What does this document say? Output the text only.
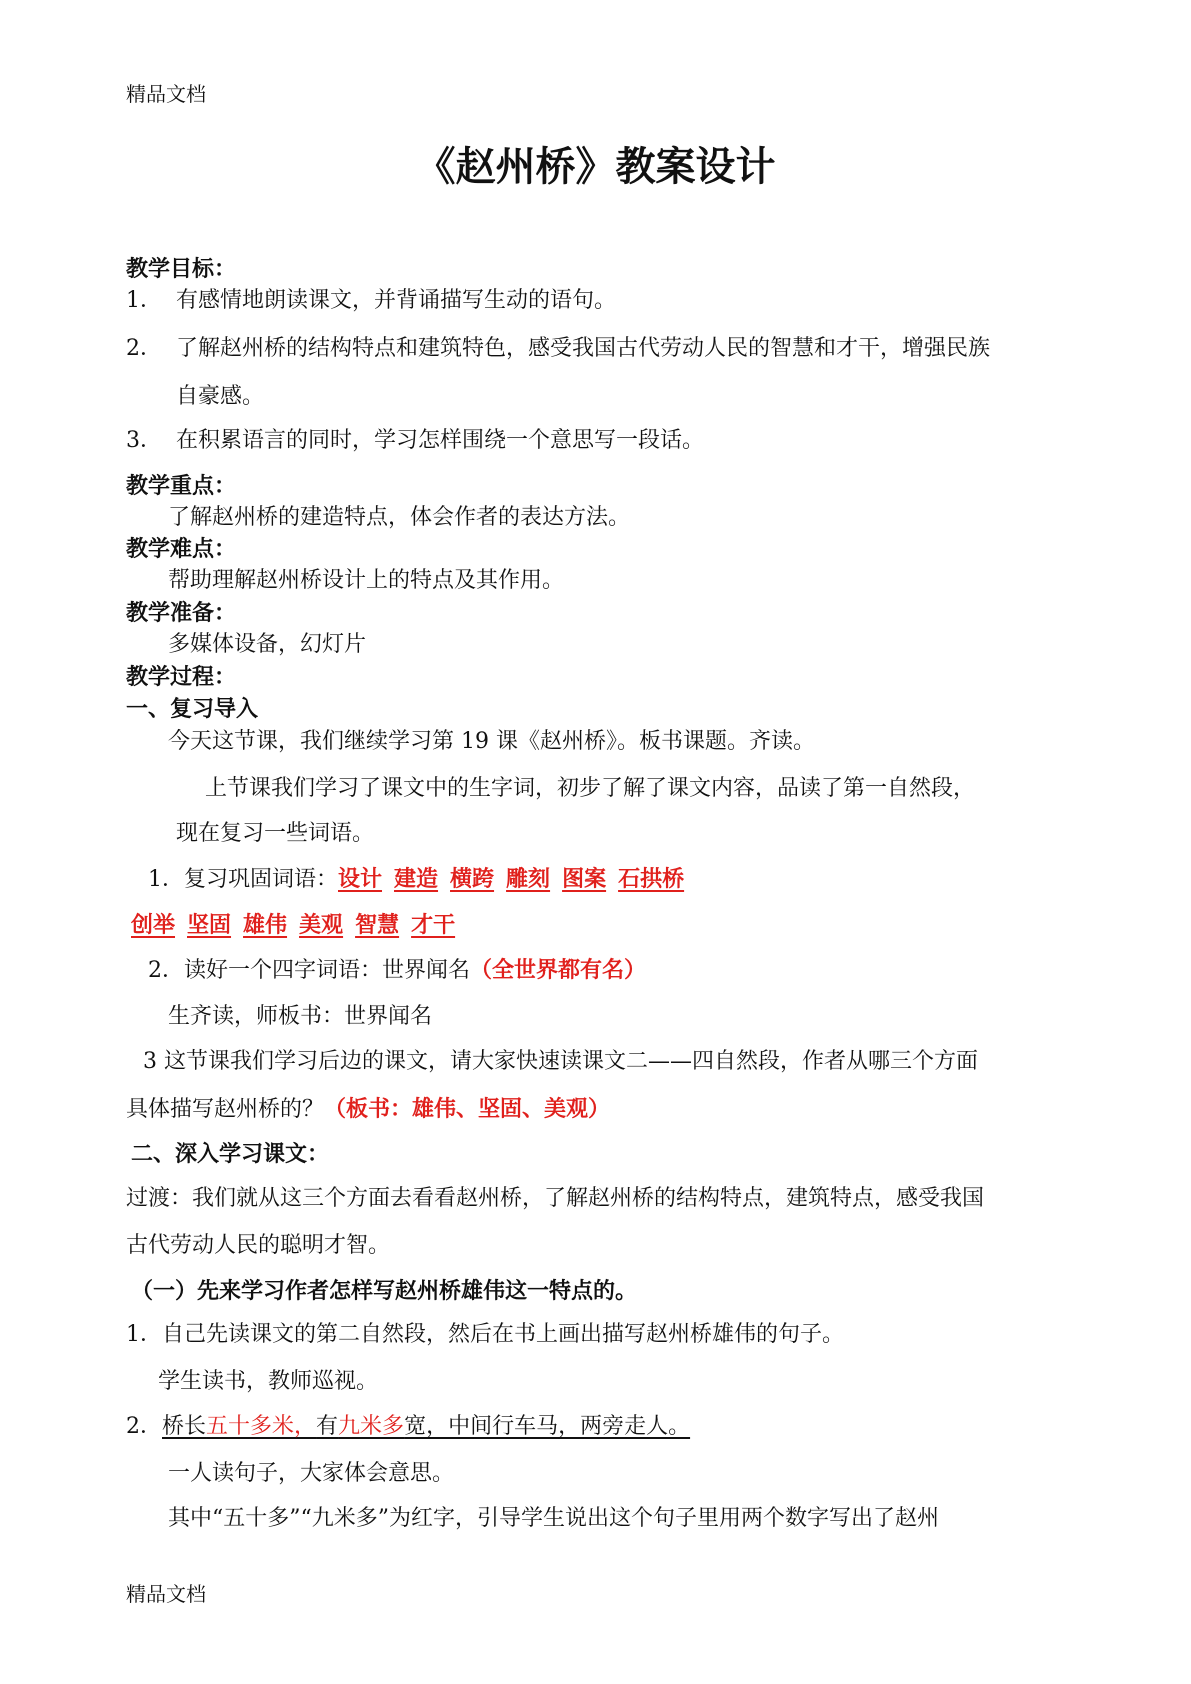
精品文档
《赵州桥》教案设计
教学目标：
1． 有感情地朗读课文，并背诵描写生动的语句。
2． 了解赵州桥的结构特点和建筑特色，感受我国古代劳动人民的智慧和才干，增强民族
自豪感。
3． 在积累语言的同时，学习怎样围绕一个意思写一段话。
教学重点：
了解赵州桥的建造特点，体会作者的表达方法。
教学难点：
帮助理解赵州桥设计上的特点及其作用。
教学准备：
多媒体设备，幻灯片
教学过程：
一、复习导入
今天这节课，我们继续学习第 19 课《赵州桥》。板书课题。齐读。
上节课我们学习了课文中的生字词，初步了解了课文内容，品读了第一自然段，
现在复习一些词语。
1．复习巩固词语：设计 建造 横跨 雕刻 图案 石拱桥
创举 坚固 雄伟 美观 智慧 才干
2．读好一个四字词语：世界闻名（全世界都有名）
生齐读，师板书：世界闻名
3 这节课我们学习后边的课文，请大家快速读课文二——四自然段，作者从哪三个方面
具体描写赵州桥的？（板书：雄伟、坚固、美观）
二、深入学习课文：
过渡：我们就从这三个方面去看看赵州桥，了解赵州桥的结构特点，建筑特点，感受我国
古代劳动人民的聪明才智。
（一）先来学习作者怎样写赵州桥雄伟这一特点的。
1．自己先读课文的第二自然段，然后在书上画出描写赵州桥雄伟的句子。
学生读书，教师巡视。
2．桥长五十多米，有九米多宽，中间行车马，两旁走人。
一人读句子，大家体会意思。
其中“五十多”“九米多”为红字，引导学生说出这个句子里用两个数字写出了赵州
精品文档
